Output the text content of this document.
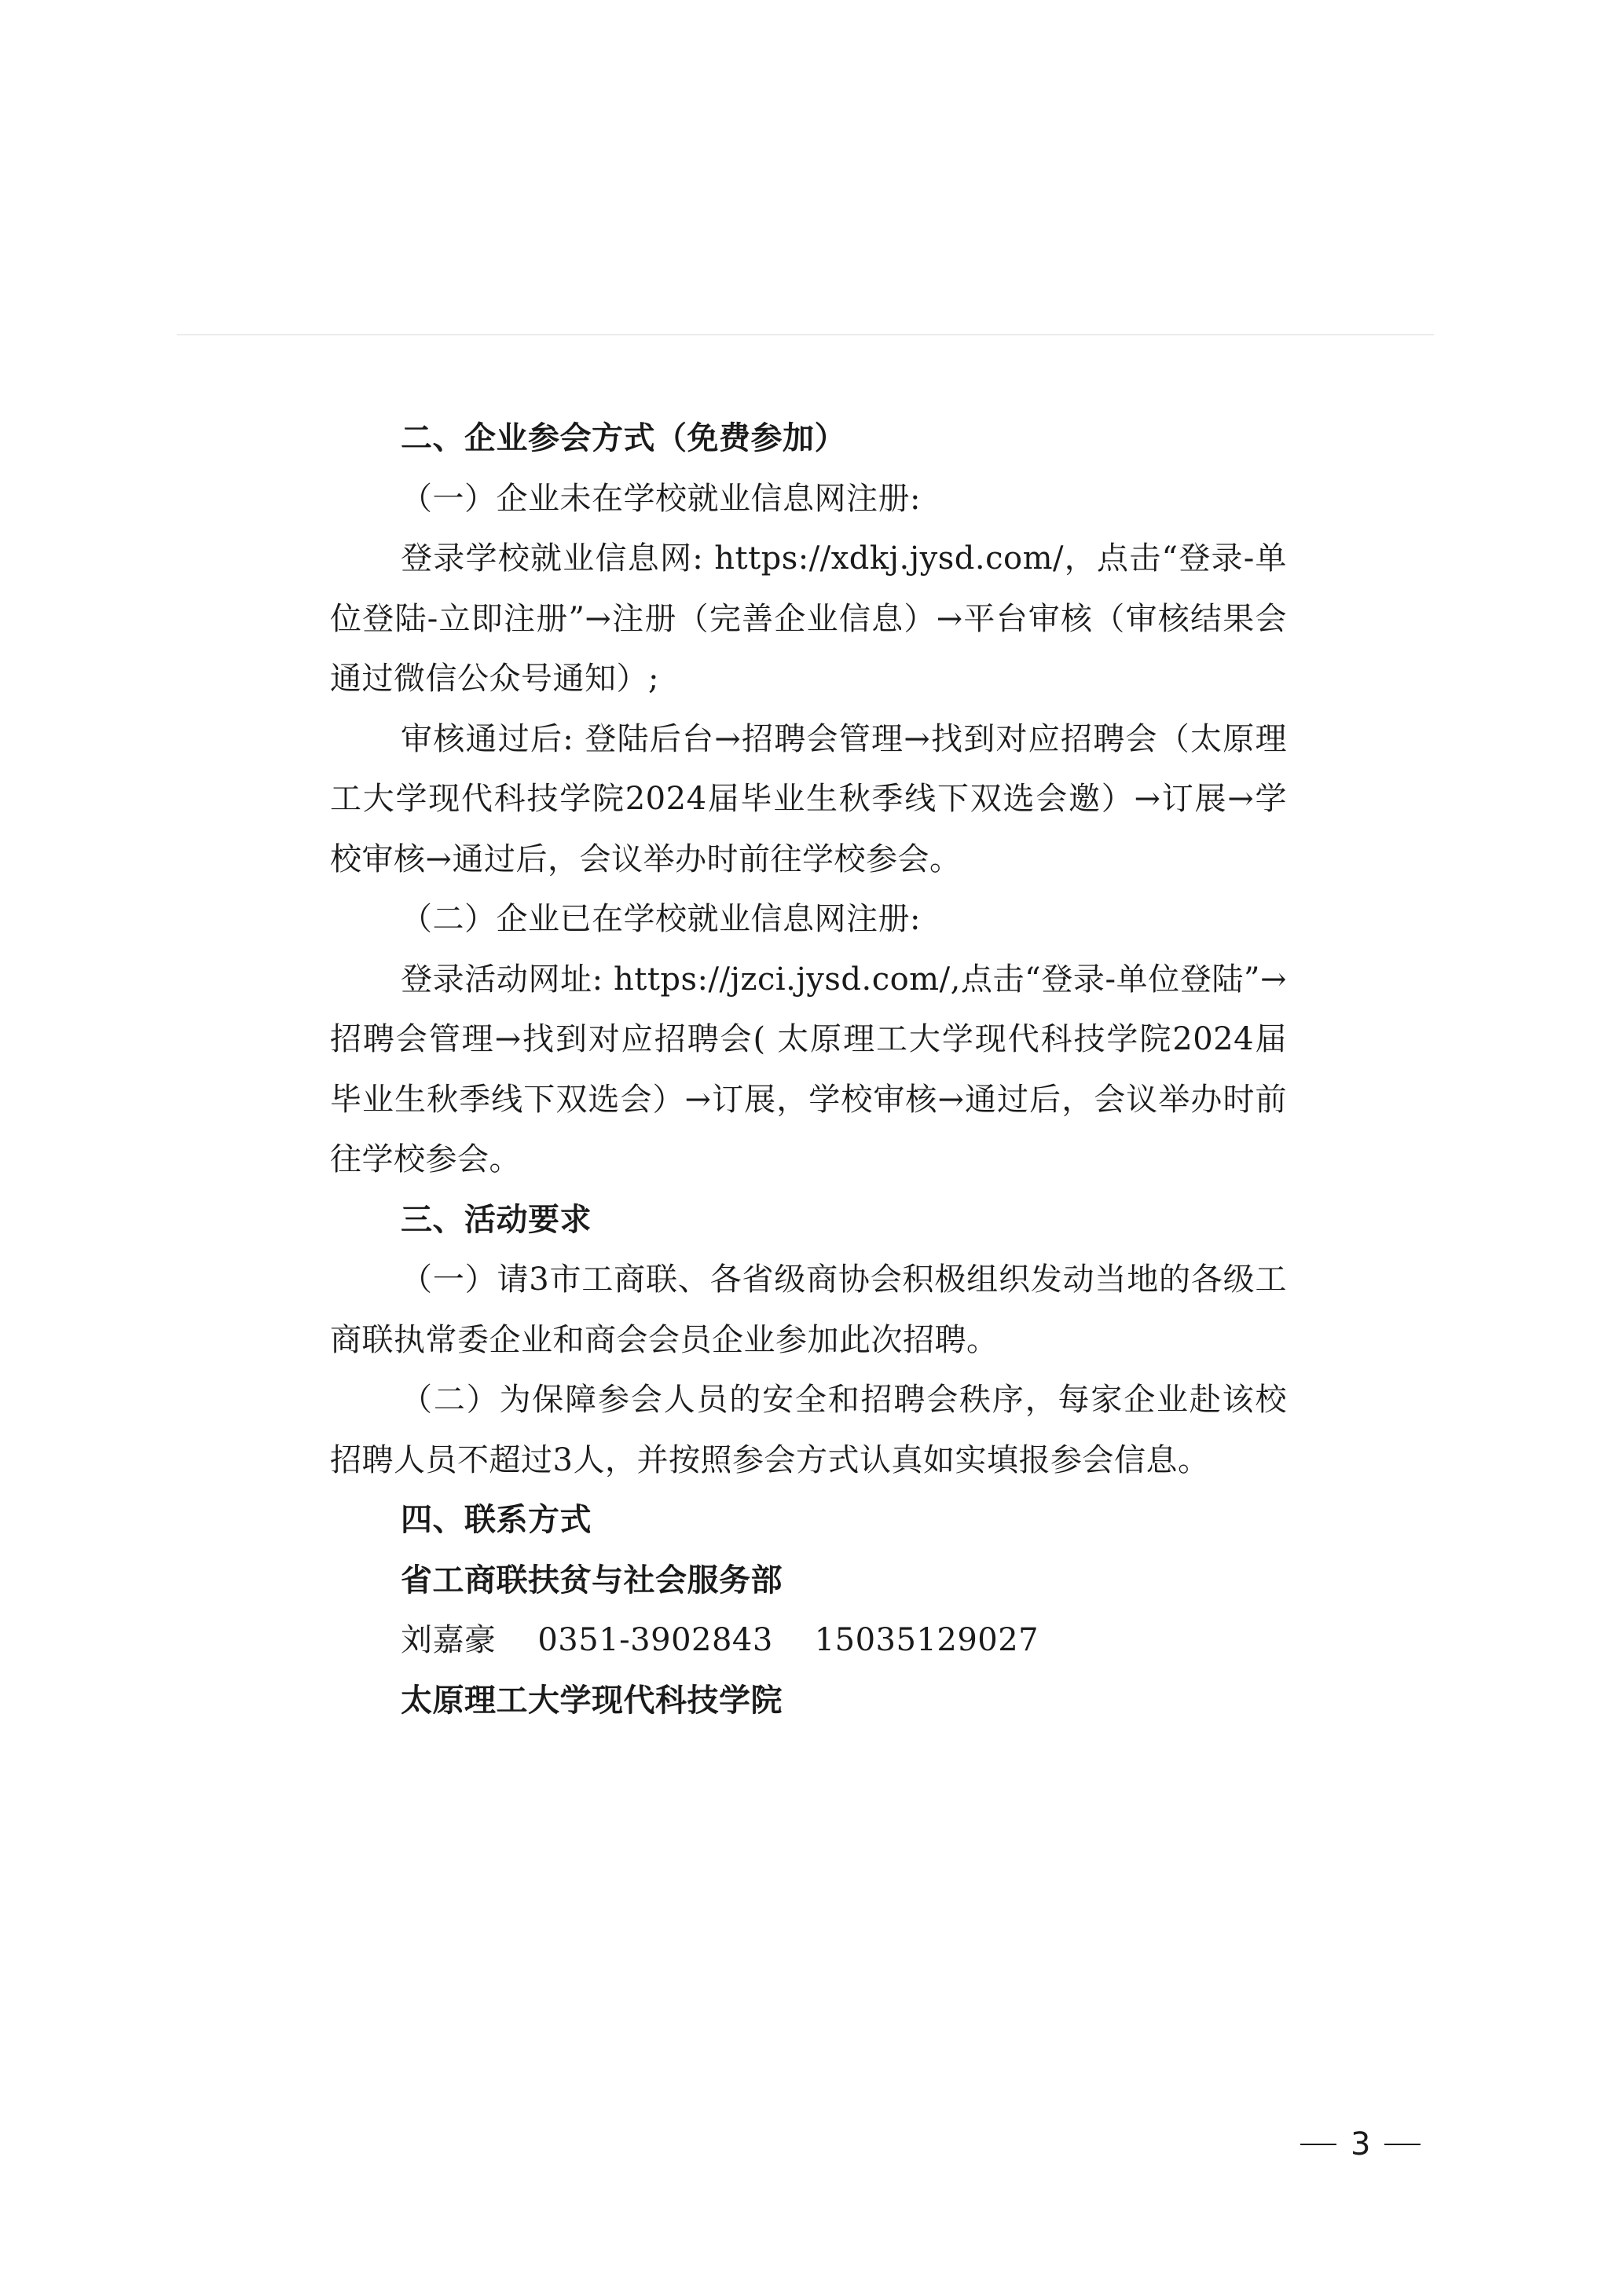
二、企业参会方式（免费参加）

（一）企业未在学校就业信息网注册:

登录学校就业信息网: https://xdkj.jysd.com/，点击“登录-单位登陆-立即注册”→注册（完善企业信息）→平台审核（审核结果会通过微信公众号通知）;

审核通过后: 登陆后台→招聘会管理→找到对应招聘会（太原理工大学现代科技学院2024届毕业生秋季线下双选会邀）→订展→学校审核→通过后，会议举办时前往学校参会。

（二）企业已在学校就业信息网注册:

登录活动网址: https://jzci.jysd.com/,点击“登录-单位登陆”→招聘会管理→找到对应招聘会( 太原理工大学现代科技学院2024届毕业生秋季线下双选会）→订展，学校审核→通过后，会议举办时前往学校参会。

三、活动要求

（一）请3市工商联、各省级商协会积极组织发动当地的各级工商联执常委企业和商会会员企业参加此次招聘。

（二）为保障参会人员的安全和招聘会秩序，每家企业赴该校招聘人员不超过3人，并按照参会方式认真如实填报参会信息。

四、联系方式

省工商联扶贫与社会服务部

刘嘉豪 0351-3902843 15035129027

太原理工大学现代科技学院

3
